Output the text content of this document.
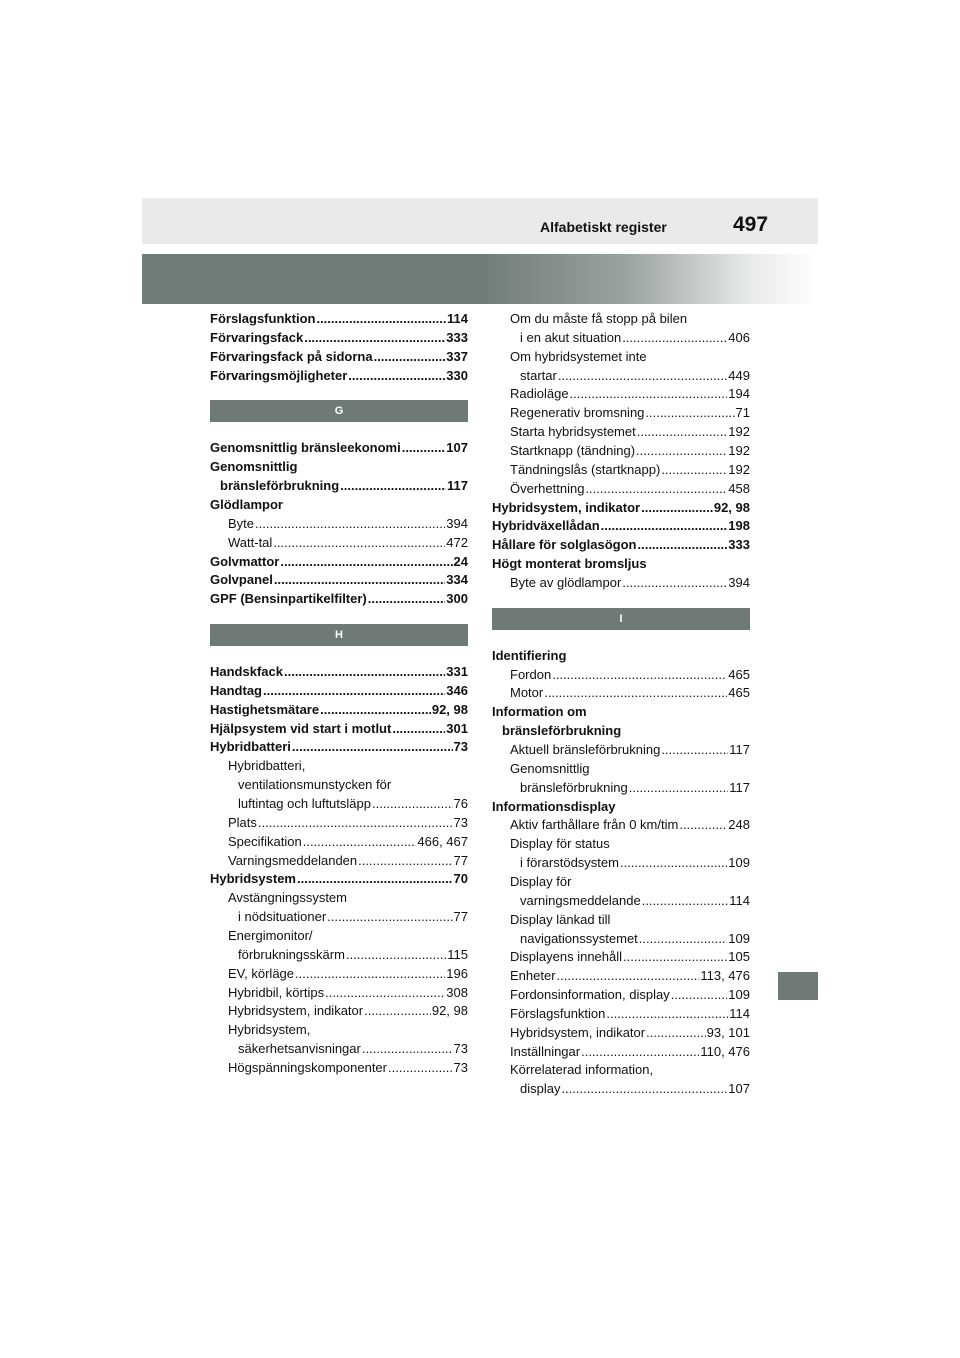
Alfabetiskt register	497
Förslagsfunktion .....	114
Förvaringsfack .....	333
Förvaringsfack på sidorna .....	337
Förvaringsmöjligheter .....	330
G
Genomsnittlig bränsleekonomi .....	107
Genomsnittlig
bränsleförbrukning .....	117
Glödlampor
Byte .....	394
Watt-tal .....	472
Golvmattor .....	24
Golvpanel .....	334
GPF (Bensinpartikelfilter) .....	300
H
Handskfack .....	331
Handtag .....	346
Hastighetsmätare .....	92, 98
Hjälpsystem vid start i motlut .....	301
Hybridbatteri .....	73
Hybridbatteri,
ventilationsmunstycken för
luftintag och luftutsläpp .....	76
Plats .....	73
Specifikation .....	466, 467
Varningsmeddelanden .....	77
Hybridsystem .....	70
Avstängningssystem
i nödsituationer .....	77
Energimonitor/
förbrukningsskärm .....	115
EV, körläge .....	196
Hybridbil, körtips .....	308
Hybridsystem, indikator .....	92, 98
Hybridsystem,
säkerhetsanvisningar .....	73
Högspänningskomponenter .....	73
Om du måste få stopp på bilen
i en akut situation .....	406
Om hybridsystemet inte
startar .....	449
Radioläge .....	194
Regenerativ bromsning .....	71
Starta hybridsystemet .....	192
Startknapp (tändning) .....	192
Tändningslås (startknapp) .....	192
Överhettning .....	458
Hybridsystem, indikator .....	92, 98
Hybridväxellådan .....	198
Hållare för solglasögon .....	333
Högt monterat bromsljus
Byte av glödlampor .....	394
I
Identifiering
Fordon .....	465
Motor .....	465
Information om
bränsleförbrukning
Aktuell bränsleförbrukning .....	117
Genomsnittlig
bränsleförbrukning .....	117
Informationsdisplay
Aktiv farthållare från 0 km/tim .....	248
Display för status
i förarstödsystem .....	109
Display för
varningsmeddelande .....	114
Display länkad till
navigationssystemet .....	109
Displayens innehåll .....	105
Enheter .....	113, 476
Fordonsinformation, display .....	109
Förslagsfunktion .....	114
Hybridsystem, indikator .....	93, 101
Inställningar .....	110, 476
Körrelaterad information,
display .....	107
